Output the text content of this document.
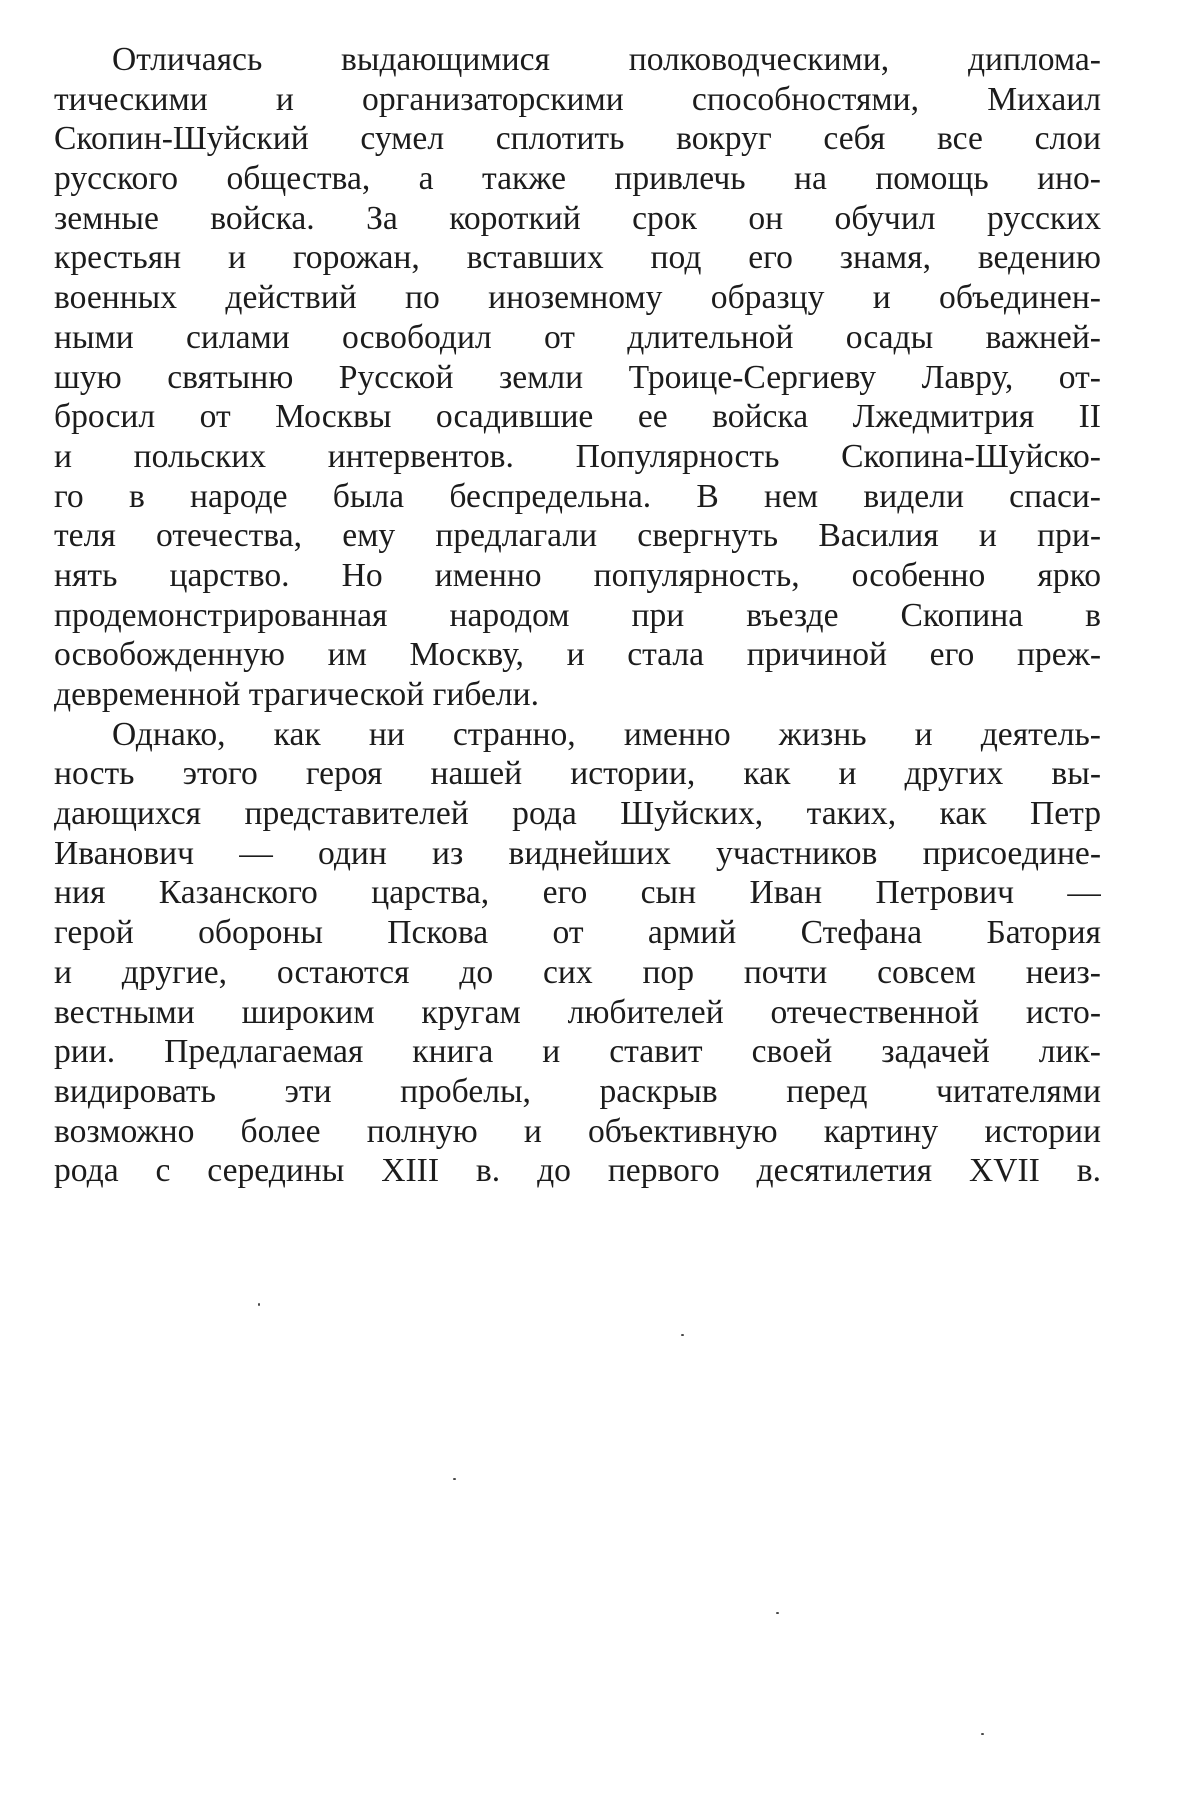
Отличаясь выдающимися полководческими, диплома-
тическими и организаторскими способностями, Михаил
Скопин-Шуйский сумел сплотить вокруг себя все слои
русского общества, а также привлечь на помощь ино-
земные войска. За короткий срок он обучил русских
крестьян и горожан, вставших под его знамя, ведению
военных действий по иноземному образцу и объединен-
ными силами освободил от длительной осады важней-
шую святыню Русской земли Троице-Сергиеву Лавру, от-
бросил от Москвы осадившие ее войска Лжедмитрия II
и польских интервентов. Популярность Скопина-Шуйско-
го в народе была беспредельна. В нем видели спаси-
теля отечества, ему предлагали свергнуть Василия и при-
нять царство. Но именно популярность, особенно ярко
продемонстрированная народом при въезде Скопина в
освобожденную им Москву, и стала причиной его преж-
девременной трагической гибели.
Однако, как ни странно, именно жизнь и деятель-
ность этого героя нашей истории, как и других вы-
дающихся представителей рода Шуйских, таких, как Петр
Иванович — один из виднейших участников присоедине-
ния Казанского царства, его сын Иван Петрович —
герой обороны Пскова от армий Стефана Батория
и другие, остаются до сих пор почти совсем неиз-
вестными широким кругам любителей отечественной исто-
рии. Предлагаемая книга и ставит своей задачей лик-
видировать эти пробелы, раскрыв перед читателями
возможно более полную и объективную картину истории
рода с середины XIII в. до первого десятилетия XVII в.
